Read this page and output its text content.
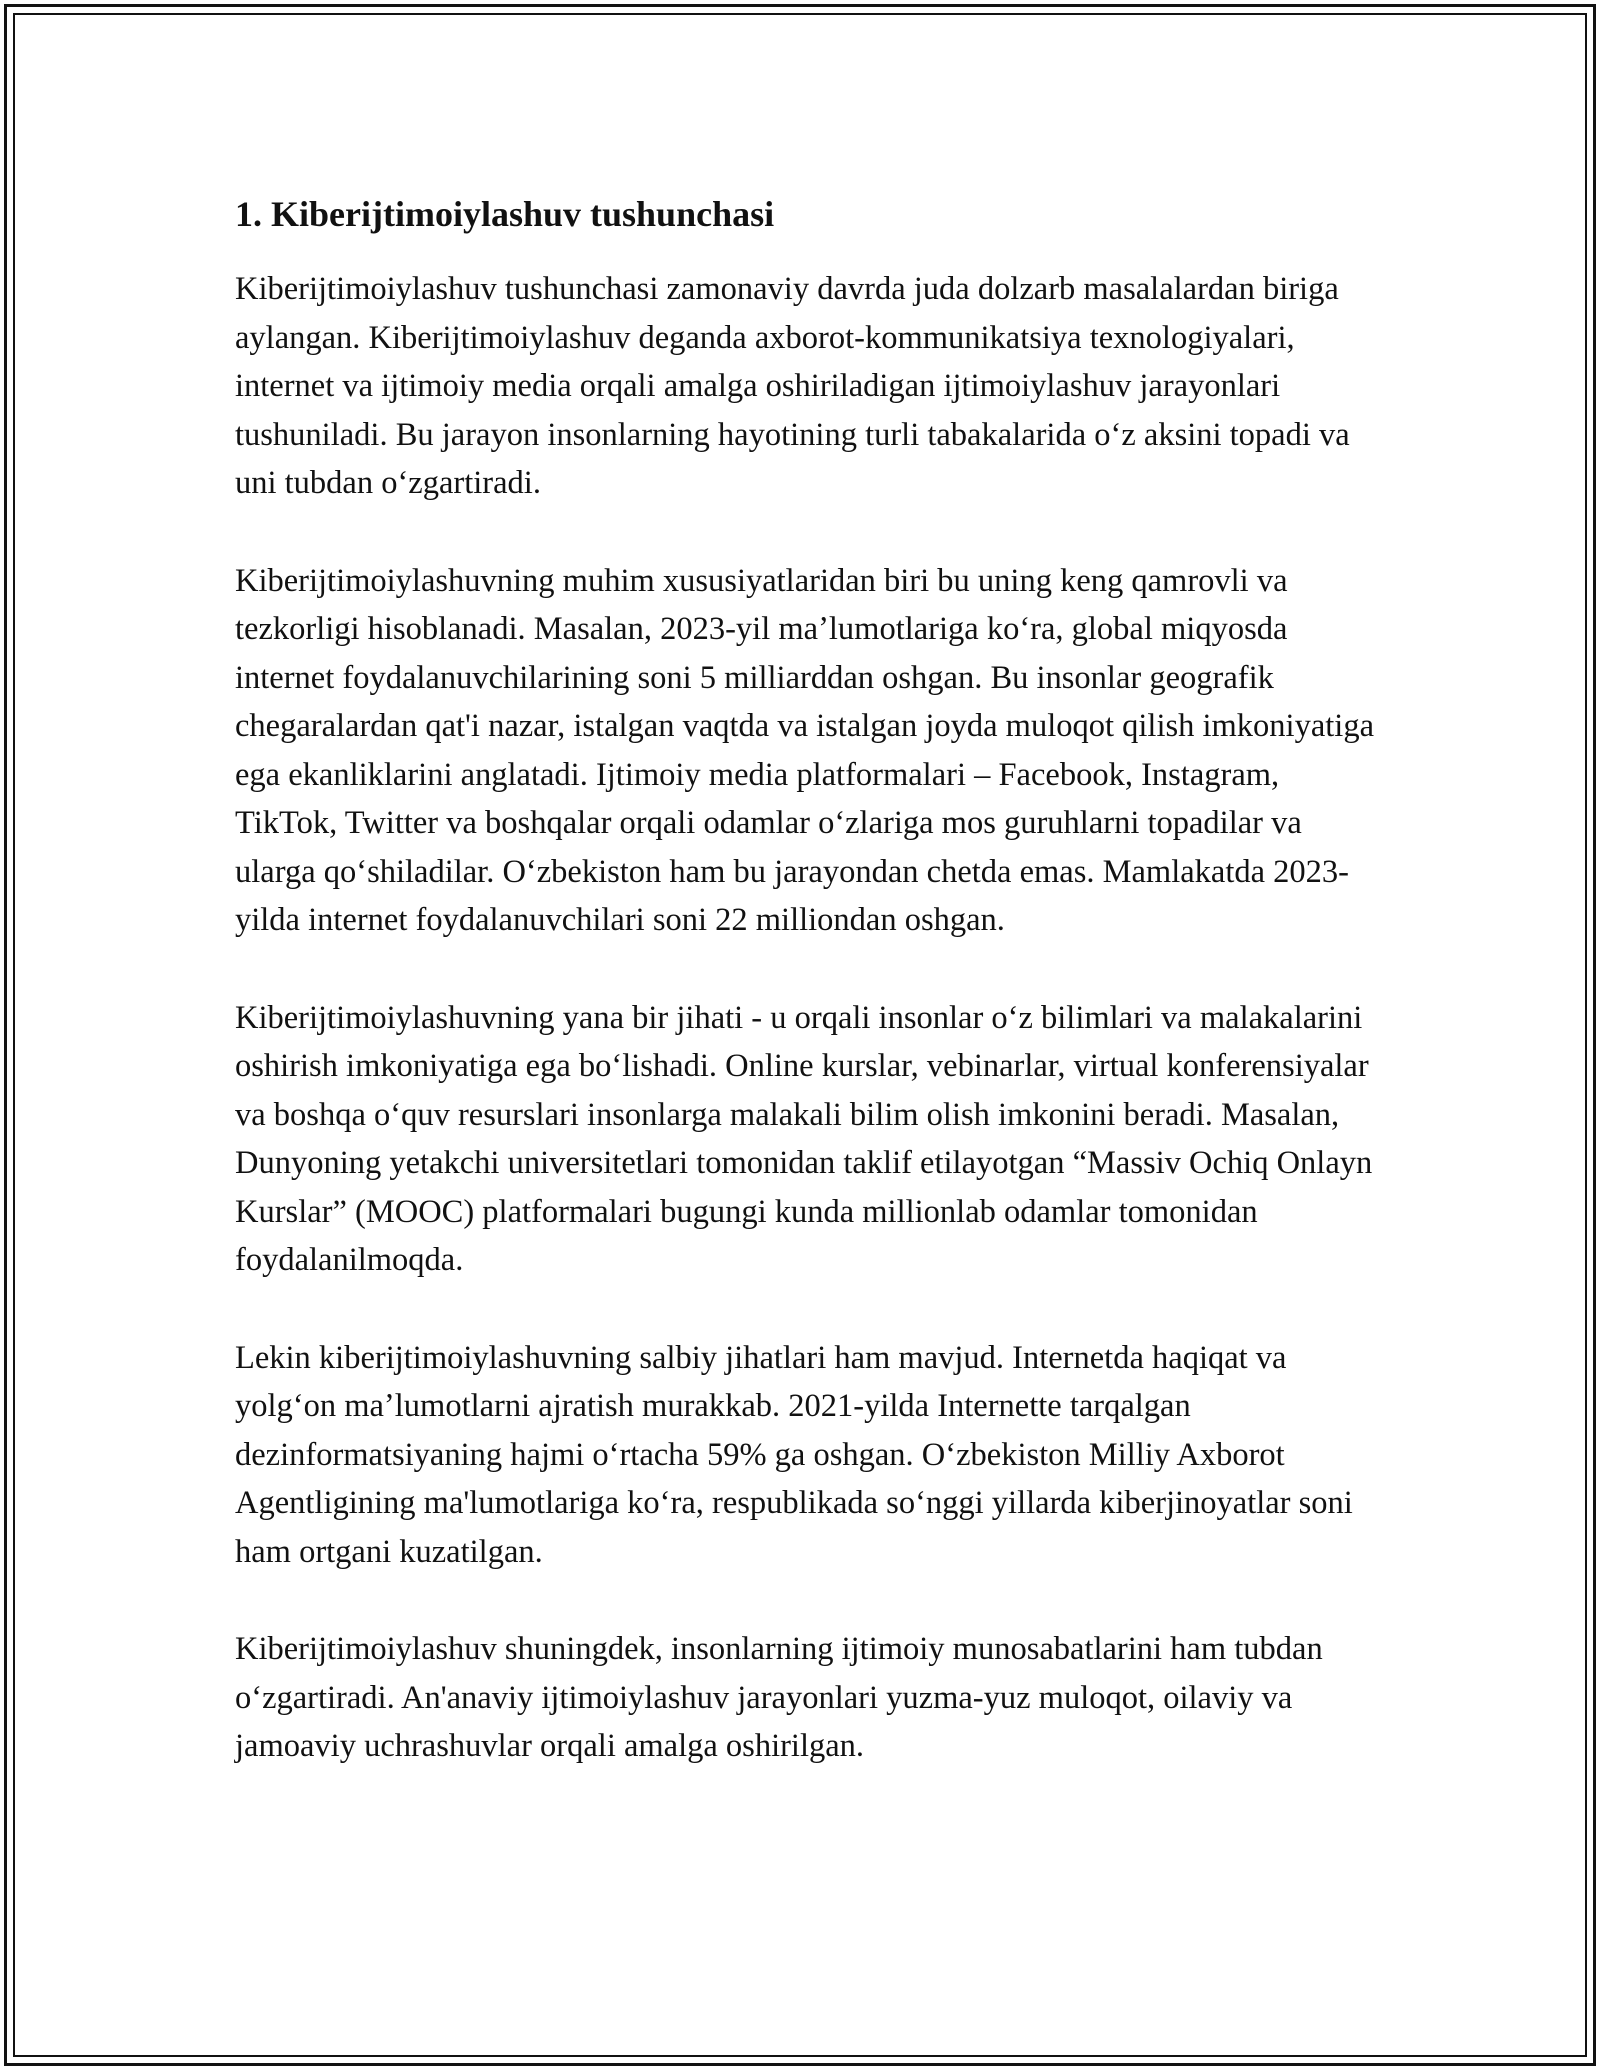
1. Kiberijtimoiylashuv tushunchasi

Kiberijtimoiylashuv tushunchasi zamonaviy davrda juda dolzarb masalalardan biriga aylangan. Kiberijtimoiylashuv deganda axborot-kommunikatsiya texnologiyalari, internet va ijtimoiy media orqali amalga oshiriladigan ijtimoiylashuv jarayonlari tushuniladi. Bu jarayon insonlarning hayotining turli tabakalarida oʻz aksini topadi va uni tubdan oʻzgartiradi.

Kiberijtimoiylashuvning muhim xususiyatlaridan biri bu uning keng qamrovli va tezkorligi hisoblanadi. Masalan, 2023-yil maʼlumotlariga koʻra, global miqyosda internet foydalanuvchilarining soni 5 milliarddan oshgan. Bu insonlar geografik chegaralardan qat'i nazar, istalgan vaqtda va istalgan joyda muloqot qilish imkoniyatiga ega ekanliklarini anglatadi. Ijtimoiy media platformalari – Facebook, Instagram, TikTok, Twitter va boshqalar orqali odamlar oʻzlariga mos guruhlarni topadilar va ularga qoʻshiladilar. Oʻzbekiston ham bu jarayondan chetda emas. Mamlakatda 2023-yilda internet foydalanuvchilari soni 22 milliondan oshgan.

Kiberijtimoiylashuvning yana bir jihati - u orqali insonlar oʻz bilimlari va malakalarini oshirish imkoniyatiga ega boʻlishadi. Online kurslar, vebinarlar, virtual konferensiyalar va boshqa oʻquv resurslari insonlarga malakali bilim olish imkonini beradi. Masalan, Dunyoning yetakchi universitetlari tomonidan taklif etilayotgan “Massiv Ochiq Onlayn Kurslar” (MOOC) platformalari bugungi kunda millionlab odamlar tomonidan foydalanilmoqda.

Lekin kiberijtimoiylashuvning salbiy jihatlari ham mavjud. Internetda haqiqat va yolgʻon maʼlumotlarni ajratish murakkab. 2021-yilda Internette tarqalgan dezinformatsiyaning hajmi oʻrtacha 59% ga oshgan. Oʻzbekiston Milliy Axborot Agentligining ma'lumotlariga koʻra, respublikada soʻnggi yillarda kiberjinoyatlar soni ham ortgani kuzatilgan.

Kiberijtimoiylashuv shuningdek, insonlarning ijtimoiy munosabatlarini ham tubdan oʻzgartiradi. An'anaviy ijtimoiylashuv jarayonlari yuzma-yuz muloqot, oilaviy va jamoaviy uchrashuvlar orqali amalga oshirilgan.
